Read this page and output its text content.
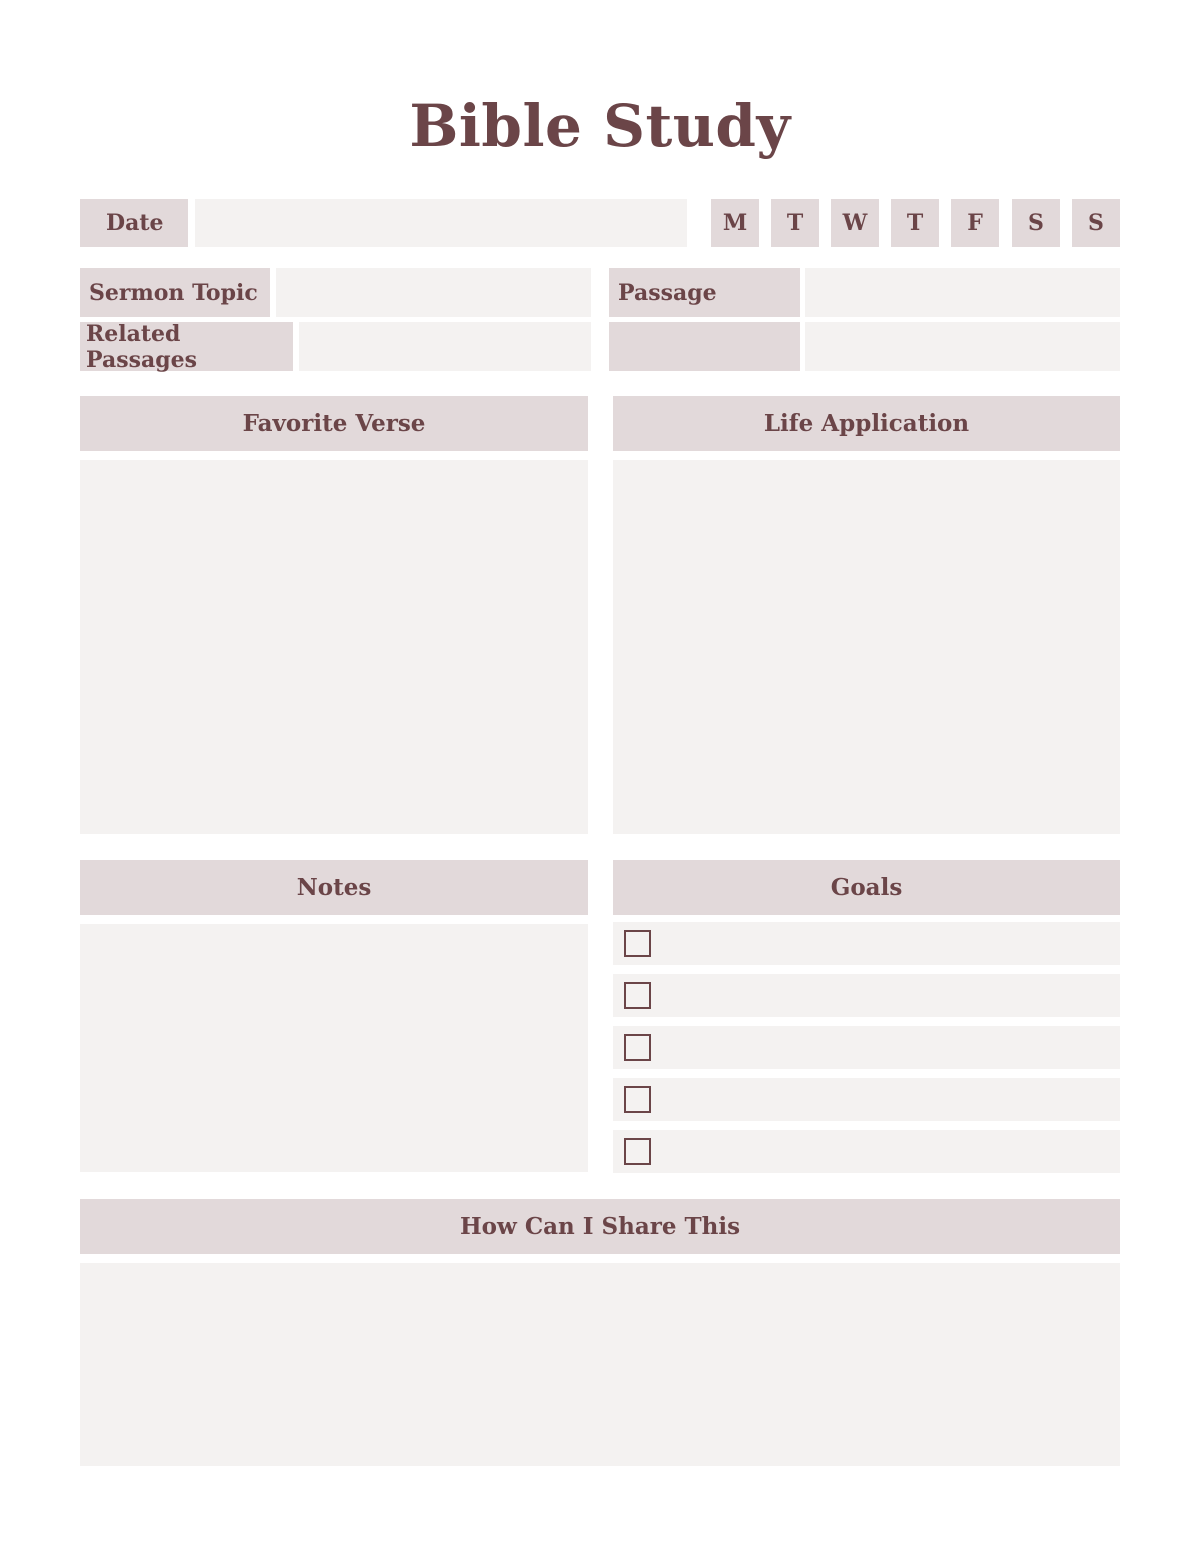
Bible Study
Date	M	T	W	T	F	S	S
Sermon Topic	Passage
Related Passages
Favorite Verse	Life Application
Notes	Goals
How Can I Share This
